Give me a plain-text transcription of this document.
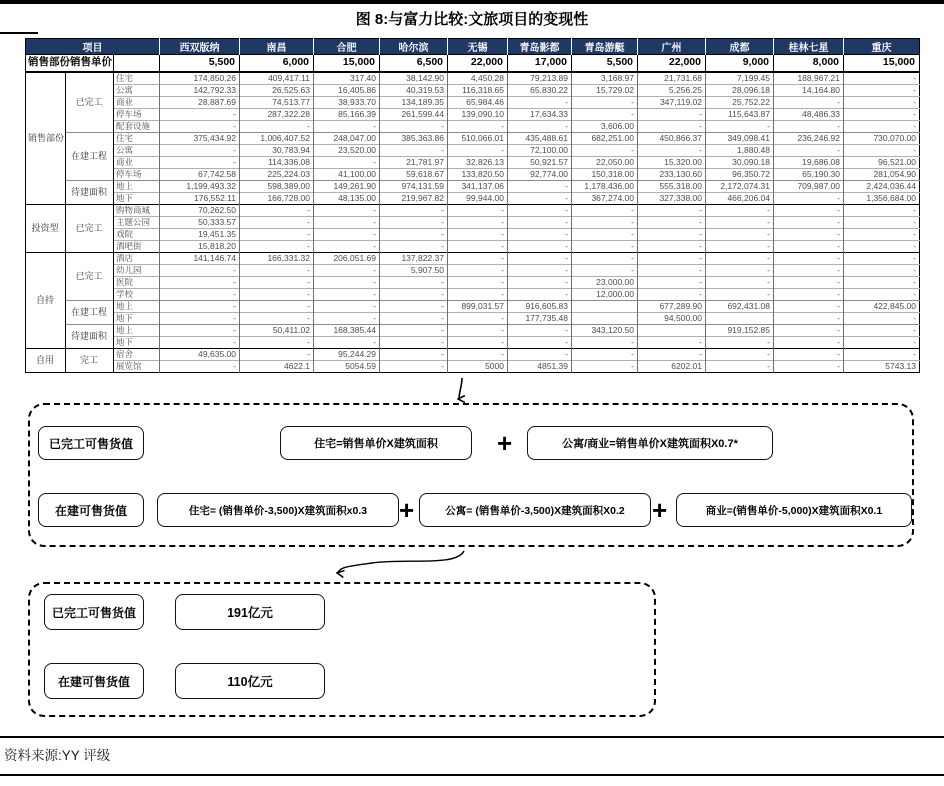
图 8:与富力比较:文旅项目的变现性
项目			西双版纳	南昌	合肥	哈尔滨	无锡	青岛影都	青岛游艇	广州	成都	桂林七星	重庆
销售部份销售单价			5,500	6,000	15,000	6,500	22,000	17,000	5,500	22,000	9,000	8,000	15,000
销售部份	已完工	住宅	174,850.26	409,417.11	317.40	38,142.90	4,450.28	79,213.89	3,168.97	21,731.68	7,199.45	188,967.21	-
		公寓	142,792.33	26,525.63	16,405.86	40,319.53	116,318.65	65,830.22	15,729.02	5,256.25	28,096.18	14,164.80	-
		商业	28,887.69	74,513.77	38,933.70	134,189.35	65,984.46	-	-	347,119.02	25,752.22	-	-
		停车场	-	287,322.28	85,166.39	261,599.44	139,090.10	17,634.33	-	-	115,643.87	48,486.33	-
		配套设施	-	-	-	-	-	-	3,606.00	-	-	-	-
	在建工程	住宅	375,434.92	1,006,407.52	248,047.00	385,363.86	510,066.01	435,488.61	682,251.00	450,866.37	349,098.41	236,246.92	730,070.00
		公寓	-	30,783.94	23,520.00	-	-	72,100.00	-	-	1,880.48	-	-
		商业	-	114,336.08	-	21,781.97	32,826.13	50,921.57	22,050.00	15,320.00	30,090.18	19,686.08	96,521.00
		停车场	67,742.58	225,224.03	41,100.00	59,618.67	133,820.50	92,774.00	150,318.00	233,130.60	96,350.72	65,190.30	281,054.90
	待建面积	地上	1,199,493.32	598,389.00	149,261.90	974,131.59	341,137.06	-	1,178,436.00	555,318.00	2,172,074.31	709,987.00	2,424,036.44
		地下	176,552.11	166,728.00	48,135.00	219,967.82	99,944.00	-	367,274.00	327,338.00	466,206.04	-	1,356,684.00
投资型	已完工	购物商城	70,262.50	-	-	-	-	-	-	-	-	-	-
		主题公园	50,333.57	-	-	-	-	-	-	-	-	-	-
		戏院	19,451.35	-	-	-	-	-	-	-	-	-	-
		酒吧街	15,818.20	-	-	-	-	-	-	-	-	-	-
自持	已完工	酒店	141,146.74	166,331.32	206,051.69	137,822.37	-	-	-	-	-	-	-
		幼儿园	-	-	-	5,907.50	-	-	-	-	-	-	-
		医院	-	-	-	-	-	-	23,000.00	-	-	-	-
		学校	-	-	-	-	-	-	12,000.00	-	-	-	-
	在建工程	地上	-	-	-	-	899,031.57	916,605.83		677,289.90	692,431.08	-	422,845.00
		地下	-	-	-	-	-	177,735.48		94,500.00		-	-
	待建面积	地上	-	50,411.02	168,385.44	-	-	-	343,120.50		919,152.85	-	-
		地下	-	-	-	-	-	-	-	-	-	-	-
自用	完工	宿舍	49,635.00	-	95,244.29	-	-	-	-	-	-	-	-
		展览馆	-	4622.1	5054.59	-	5000	4851.39	-	6202.01	-	-	5743.13
已完工可售货值	住宅=销售单价X建筑面积	+	公寓/商业=销售单价X建筑面积X0.7*
在建可售货值	住宅= (销售单价-3,500)X建筑面积x0.3	+	公寓= (销售单价-3,500)X建筑面积X0.2	+	商业=(销售单价-5,000)X建筑面积X0.1
已完工可售货值	191亿元
在建可售货值	110亿元
资料来源:YY 评级
